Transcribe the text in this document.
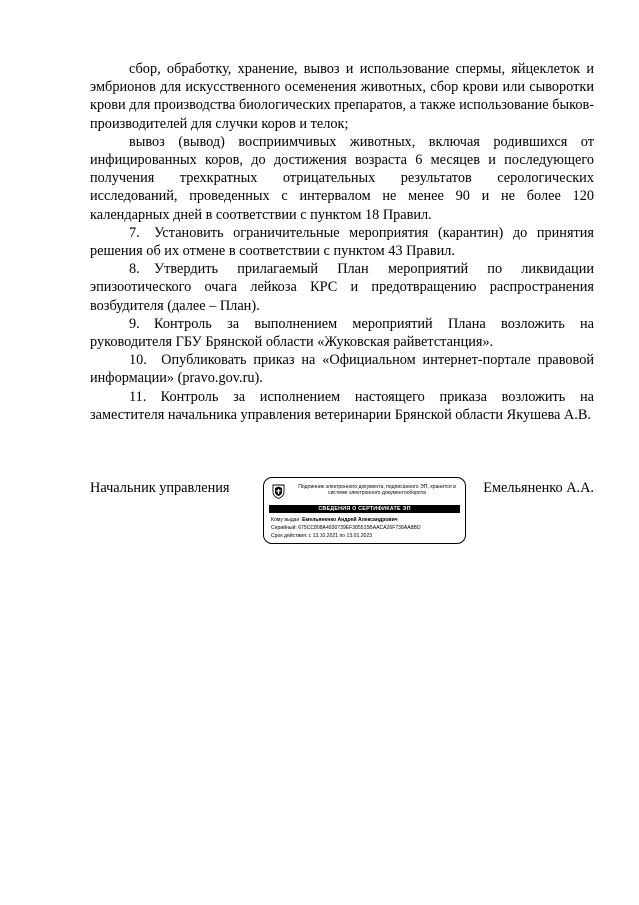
сбор, обработку, хранение, вывоз и использование спермы, яйцеклеток и эмбрионов для искусственного осеменения животных, сбор крови или сыворотки крови для производства биологических препаратов, а также использование быков-производителей для случки коров и телок;

вывоз (вывод) восприимчивых животных, включая родившихся от инфицированных коров, до достижения возраста 6 месяцев и последующего получения трехкратных отрицательных результатов серологических исследований, проведенных с интервалом не менее 90 и не более 120 календарных дней в соответствии с пунктом 18 Правил.

7. Установить ограничительные мероприятия (карантин) до принятия решения об их отмене в соответствии с пунктом 43 Правил.

8. Утвердить прилагаемый План мероприятий по ликвидации эпизоотического очага лейкоза КРС и предотвращению распространения возбудителя (далее – План).

9. Контроль за выполнением мероприятий Плана возложить на руководителя ГБУ Брянской области «Жуковская райветстанция».

10. Опубликовать приказ на «Официальном интернет-портале правовой информации» (pravo.gov.ru).

11. Контроль за исполнением настоящего приказа возложить на заместителя начальника управления ветеринарии Брянской области Якушева А.В.

Начальник управления	Подлинник электронного документа, подписанного ЭП, хранится в системе электронного документооборота
СВЕДЕНИЯ О СЕРТИФИКАТЕ ЭП
Кому выдан: Емельяненко Андрей Александрович
Серийный: 675CC808A4930739EF385515BAACA26F738AA8BD
Срок действия: с 13.10.2021 по 13.01.2023
Емельяненко А.А.
